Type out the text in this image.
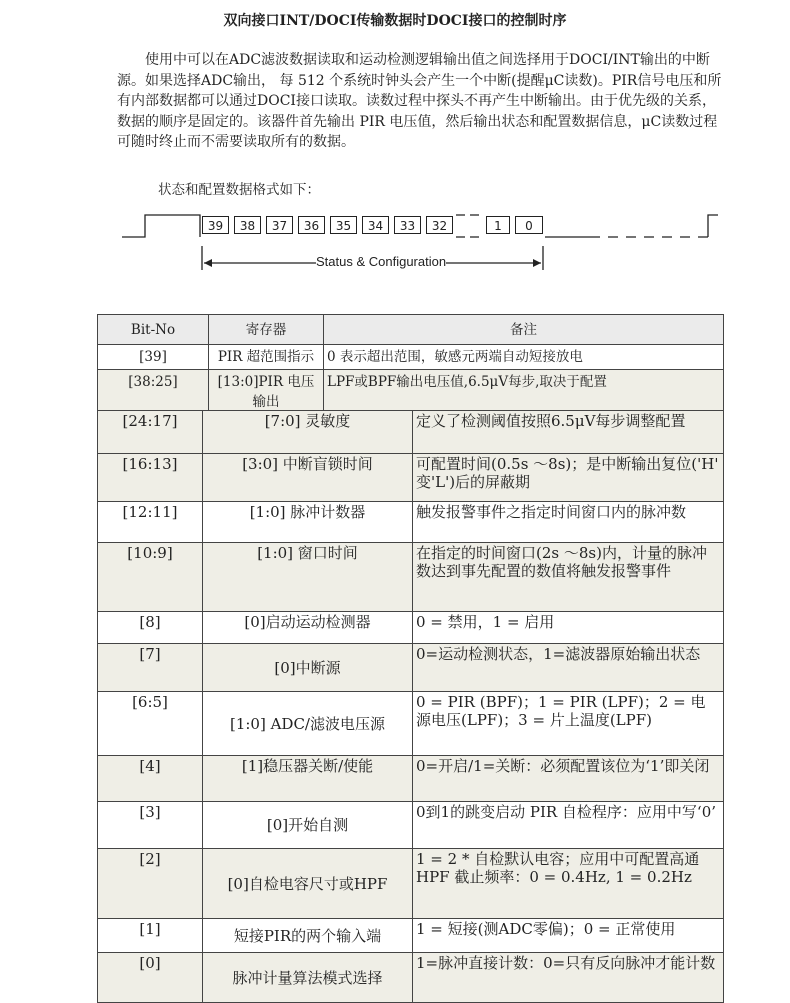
双向接口INT/DOCI传输数据时DOCI接口的控制时序

使用中可以在ADC滤波数据读取和运动检测逻辑输出值之间选择用于DOCI/INT输出的中断源。如果选择ADC输出， 每 512 个系统时钟头会产生一个中断(提醒μC读数)。PIR信号电压和所有内部数据都可以通过DOCI接口读取。读数过程中探头不再产生中断输出。由于优先级的关系，数据的顺序是固定的。该器件首先输出 PIR 电压值，然后输出状态和配置数据信息，μC读数过程可随时终止而不需要读取所有的数据。

状态和配置数据格式如下：
39	38	37	36	35	34	33	32	1	0
Status & Configuration
Bit-No	寄存器	备注
[39]	PIR 超范围指示	0 表示超出范围，敏感元两端自动短接放电
[38:25]	[13:0]PIR 电压输出	LPF或BPF输出电压值,6.5μV每步,取决于配置
[24:17]	[7:0] 灵敏度	定义了检测阈值按照6.5μV每步调整配置
[16:13]	[3:0] 中断盲锁时间	可配置时间(0.5s ～8s)；是中断输出复位('H' 变'L')后的屏蔽期
[12:11]	[1:0] 脉冲计数器	触发报警事件之指定时间窗口内的脉冲数
[10:9]	[1:0] 窗口时间	在指定的时间窗口(2s ～8s)内，计量的脉冲数达到事先配置的数值将触发报警事件
[8]	[0]启动运动检测器	0 = 禁用，1 = 启用
[7]	[0]中断源	0=运动检测状态，1=滤波器原始输出状态
[6:5]	[1:0] ADC/滤波电压源	0 = PIR (BPF)；1 = PIR (LPF)；2 = 电源电压(LPF)；3 = 片上温度(LPF)
[4]	[1]稳压器关断/使能	0=开启/1=关断：必须配置该位为‘1’即关闭
[3]	[0]开始自测	0到1的跳变启动 PIR 自检程序：应用中写‘0’
[2]	[0]自检电容尺寸或HPF	1 = 2 * 自检默认电容；应用中可配置高通HPF 截止频率：0 = 0.4Hz, 1 = 0.2Hz
[1]	短接PIR的两个输入端	1 = 短接(测ADC零偏)；0 = 正常使用
[0]	脉冲计量算法模式选择	1=脉冲直接计数：0=只有反向脉冲才能计数
